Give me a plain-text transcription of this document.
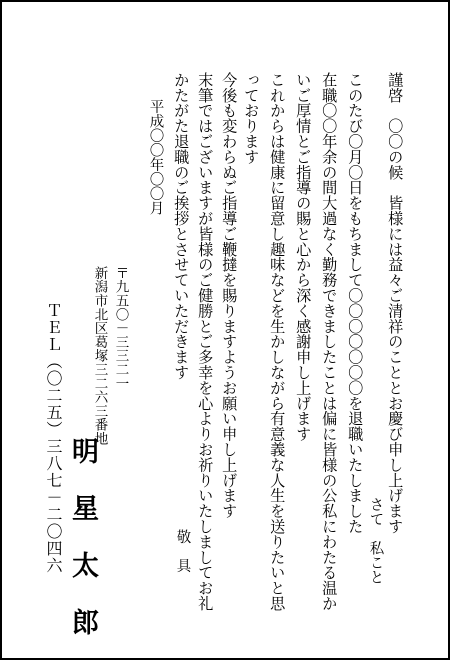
謹啓　〇〇の候　皆様には益々ご清祥のこととお慶び申し上げます
さて　私こと
このたび〇月〇日をもちまして〇〇〇〇〇〇〇を退職いたしました
在職〇〇年余の間大過なく勤務できましたことは偏に皆様の公私にわたる温か
いご厚情とご指導の賜と心から深く感謝申し上げます
これからは健康に留意し趣味などを生かしながら有意義な人生を送りたいと思
っております
今後も変わらぬご指導ご鞭撻を賜りますようお願い申し上げます
末筆ではございますが皆様のご健勝とご多幸を心よりお祈りいたしましてお礼
かたがた退職のご挨拶とさせていただきます
敬　具
平成〇〇年〇〇月
〒九五〇－三三二一
新潟市北区葛塚三二六三番地
明星太郎
ＴＥＬ（〇二五）三八七－二〇四六
